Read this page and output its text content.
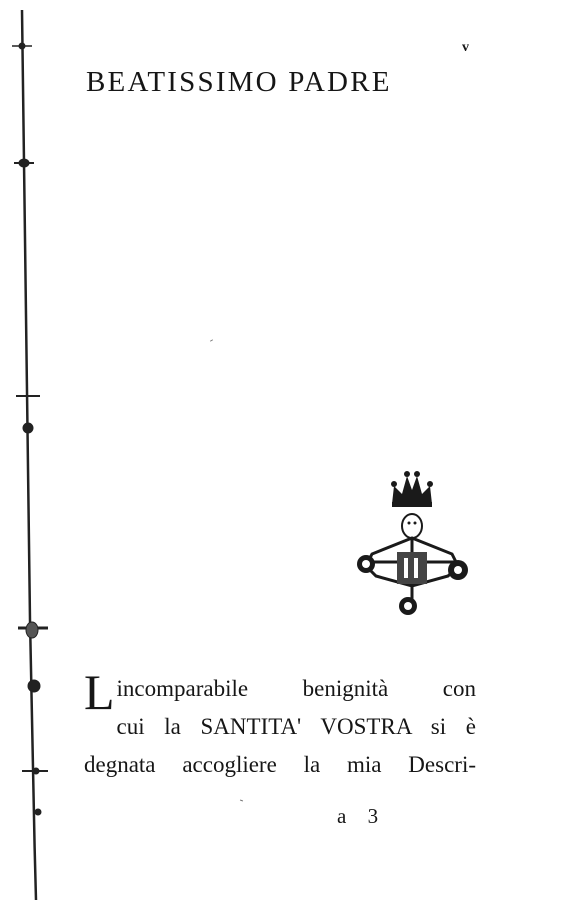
v
BEATISSIMO PADRE
Lincomparabile benignità con
cui la SANTITA' VOSTRA si è
degnata accogliere la mia Descri-
a 3
